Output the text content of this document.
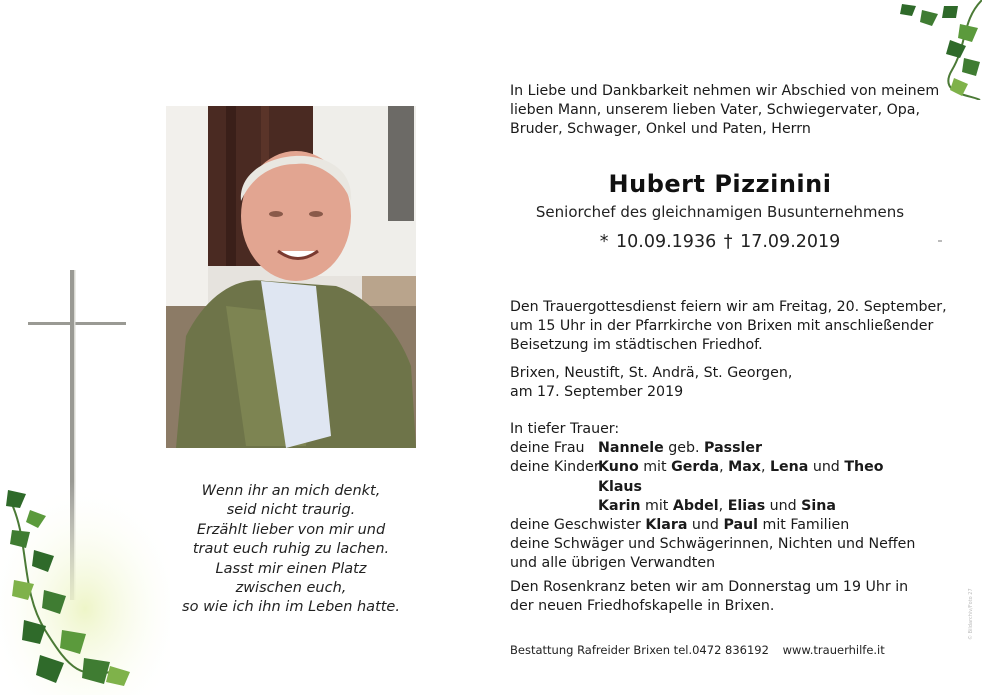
Wenn ihr an mich denkt,
seid nicht traurig.
Erzählt lieber von mir und
traut euch ruhig zu lachen.
Lasst mir einen Platz
zwischen euch,
so wie ich ihn im Leben hatte.
In Liebe und Dankbarkeit nehmen wir Abschied von meinem
lieben Mann, unserem lieben Vater, Schwiegervater, Opa,
Bruder, Schwager, Onkel und Paten, Herrn
Hubert Pizzinini
Seniorchef des gleichnamigen Busunternehmens
* 10.09.1936 † 17.09.2019
Den Trauergottesdienst feiern wir am Freitag, 20. September,
um 15 Uhr in der Pfarrkirche von Brixen mit anschließender
Beisetzung im städtischen Friedhof.
Brixen, Neustift, St. Andrä, St. Georgen,
am 17. September 2019
In tiefer Trauer:
deine Frau Nannele geb. Passler
deine Kinder
Kuno mit Gerda, Max, Lena und Theo
Klaus
Karin mit Abdel, Elias und Sina
deine Geschwister Klara und Paul mit Familien
deine Schwäger und Schwägerinnen, Nichten und Neffen
und alle übrigen Verwandten
Den Rosenkranz beten wir am Donnerstag um 19 Uhr in
der neuen Friedhofskapelle in Brixen.
Bestattung Rafreider Brixen tel.0472 836192 www.trauerhilfe.it
© Bildarchiv/Foto 27
